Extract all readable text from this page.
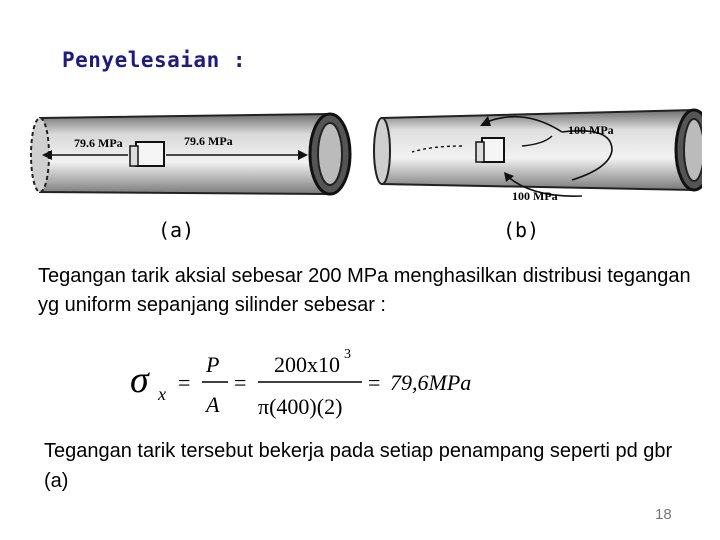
Penyelesaian :
79.6 MPa	79.6 MPa
100 MPa
100 MPa
(a)	(b)
Tegangan tarik aksial sebesar 200 MPa menghasilkan distribusi tegangan yg uniform sepanjang silinder sebesar :
σ x =
P
A
=
200x10 3
π(400)(2)
= 79,6MPa
Tegangan tarik tersebut bekerja pada setiap penampang seperti pd gbr (a)
18
